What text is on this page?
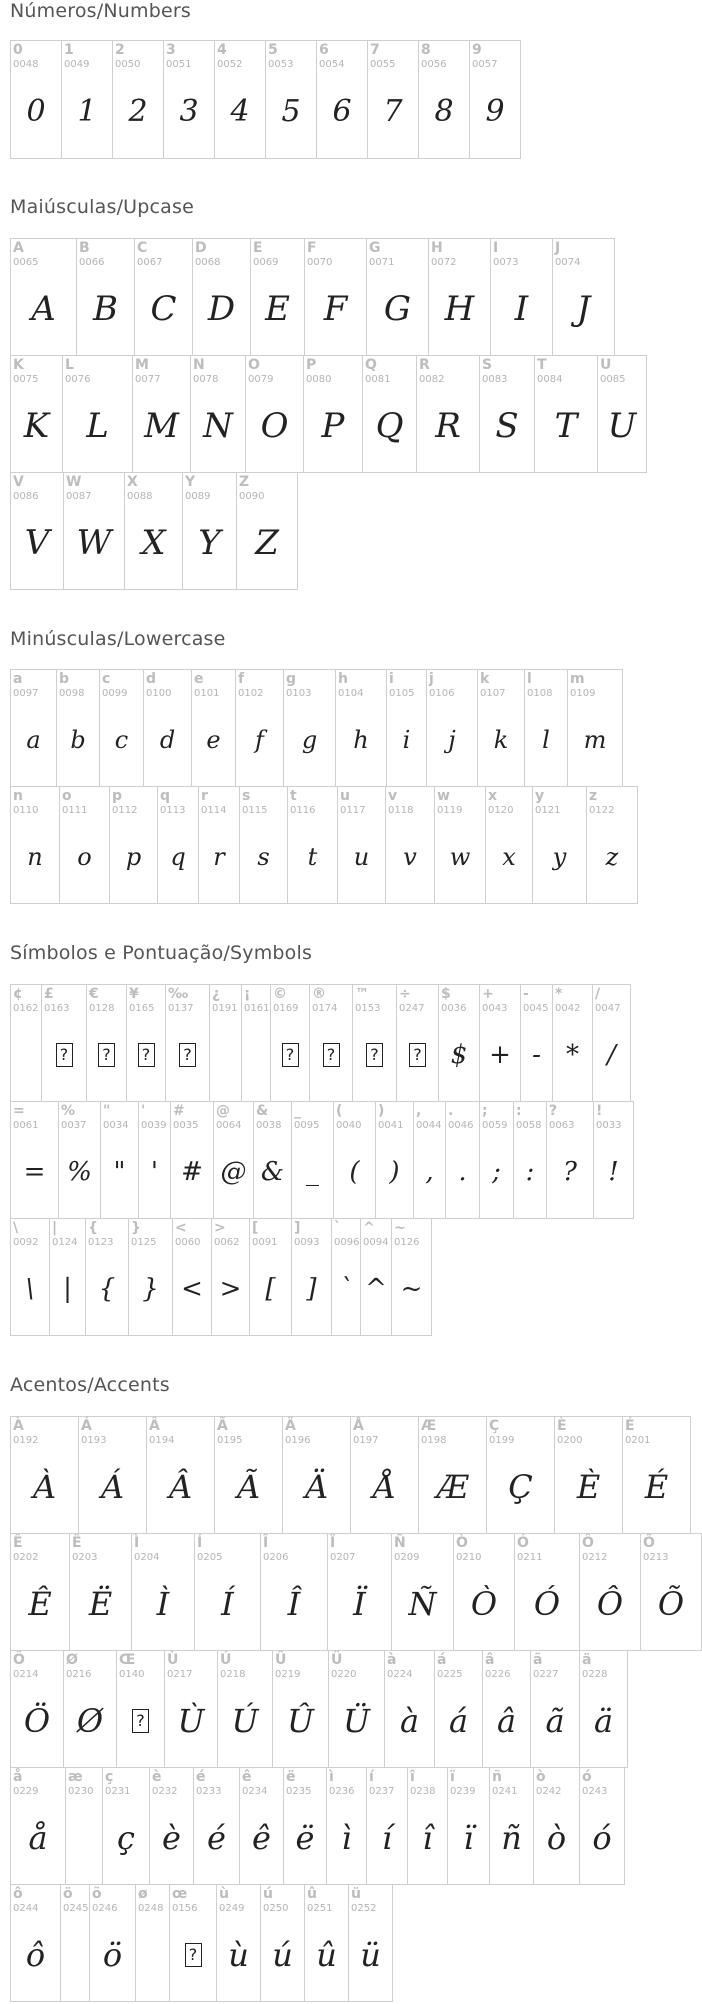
Números/Numbers
0
0048
0
1
0049
1
2
0050
2
3
0051
3
4
0052
4
5
0053
5
6
0054
6
7
0055
7
8
0056
8
9
0057
9
Maiúsculas/Upcase
A
0065
A
B
0066
B
C
0067
C
D
0068
D
E
0069
E
F
0070
F
G
0071
G
H
0072
H
I
0073
I
J
0074
J
K
0075
K
L
0076
L
M
0077
M
N
0078
N
O
0079
O
P
0080
P
Q
0081
Q
R
0082
R
S
0083
S
T
0084
T
U
0085
U
V
0086
V
W
0087
W
X
0088
X
Y
0089
Y
Z
0090
Z
Minúsculas/Lowercase
a
0097
a
b
0098
b
c
0099
c
d
0100
d
e
0101
e
f
0102
f
g
0103
g
h
0104
h
i
0105
i
j
0106
j
k
0107
k
l
0108
l
m
0109
m
n
0110
n
o
0111
o
p
0112
p
q
0113
q
r
0114
r
s
0115
s
t
0116
t
u
0117
u
v
0118
v
w
0119
w
x
0120
x
y
0121
y
z
0122
z
Símbolos e Pontuação/Symbols
¢
0162
£
0163
?
€
0128
?
¥
0165
?
‰
0137
?
¿
0191
¡
0161
©
0169
?
®
0174
?
™
0153
?
÷
0247
?
$
0036
$
+
0043
+
-
0045
-
*
0042
*
/
0047
/
=
0061
=
%
0037
%
"
0034
"
'
0039
'
#
0035
#
@
0064
@
&
0038
&
_
0095
_
(
0040
(
)
0041
)
,
0044
,
.
0046
.
;
0059
;
:
0058
:
?
0063
?
!
0033
!
\
0092
\
|
0124
|
{
0123
{
}
0125
}
<
0060
<
>
0062
>
[
0091
[
]
0093
]
`
0096
`
^
0094
^
~
0126
~
Acentos/Accents
À
0192
À
Á
0193
Á
Â
0194
Â
Ã
0195
Ã
Ä
0196
Ä
Å
0197
Å
Æ
0198
Æ
Ç
0199
Ç
È
0200
È
É
0201
É
Ê
0202
Ê
Ë
0203
Ë
Ì
0204
Ì
Í
0205
Í
Î
0206
Î
Ï
0207
Ï
Ñ
0209
Ñ
Ò
0210
Ò
Ó
0211
Ó
Ô
0212
Ô
Õ
0213
Õ
Ö
0214
Ö
Ø
0216
Ø
Œ
0140
?
Ù
0217
Ù
Ú
0218
Ú
Û
0219
Û
Ü
0220
Ü
à
0224
à
á
0225
á
â
0226
â
ã
0227
ã
ä
0228
ä
å
0229
å
æ
0230
ç
0231
ç
è
0232
è
é
0233
é
ê
0234
ê
ë
0235
ë
ì
0236
ì
í
0237
í
î
0238
î
ï
0239
ï
ñ
0241
ñ
ò
0242
ò
ó
0243
ó
ô
0244
ô
ö
0245
õ
0246
ö
ø
0248
œ
0156
?
ù
0249
ù
ú
0250
ú
û
0251
û
ü
0252
ü
